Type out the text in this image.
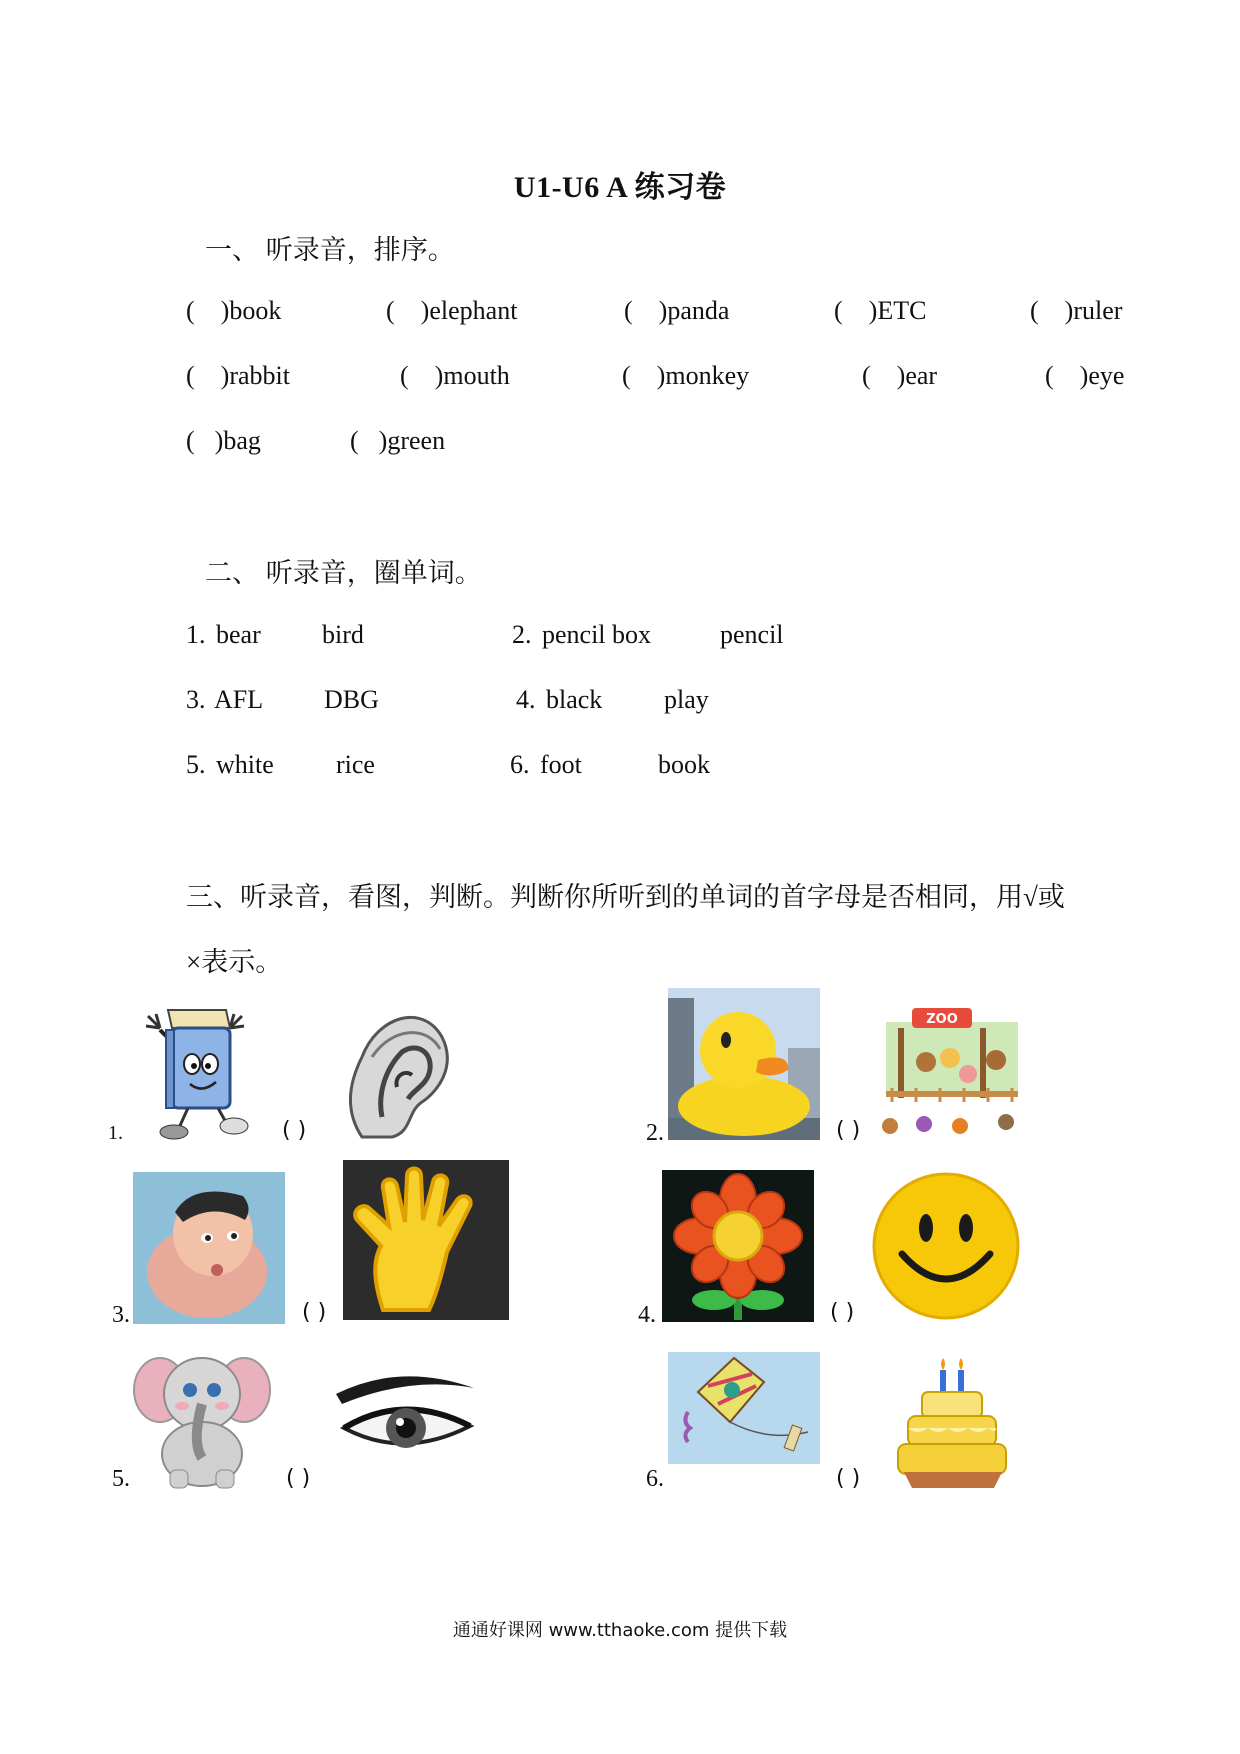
U1-U6 A 练习卷
一、 听录音，排序。
( )book	( )elephant	( )panda	( )ETC	( )ruler
( )rabbit	( )mouth	( )monkey	( )ear	( )eye
( )bag	( )green
二、 听录音，圈单词。
1. bear bird	2. pencil box	pencil
3. AFL DBG	4. black play
5. white rice	6. foot	book
三、听录音，看图，判断。判断你所听到的单词的首字母是否相同，用√或
×表示。
1.	( )	2.	( )
ZOO
3.	( )	4.	( )
5.	( )	6.	( )
通通好课网 www.tthaoke.com 提供下载
